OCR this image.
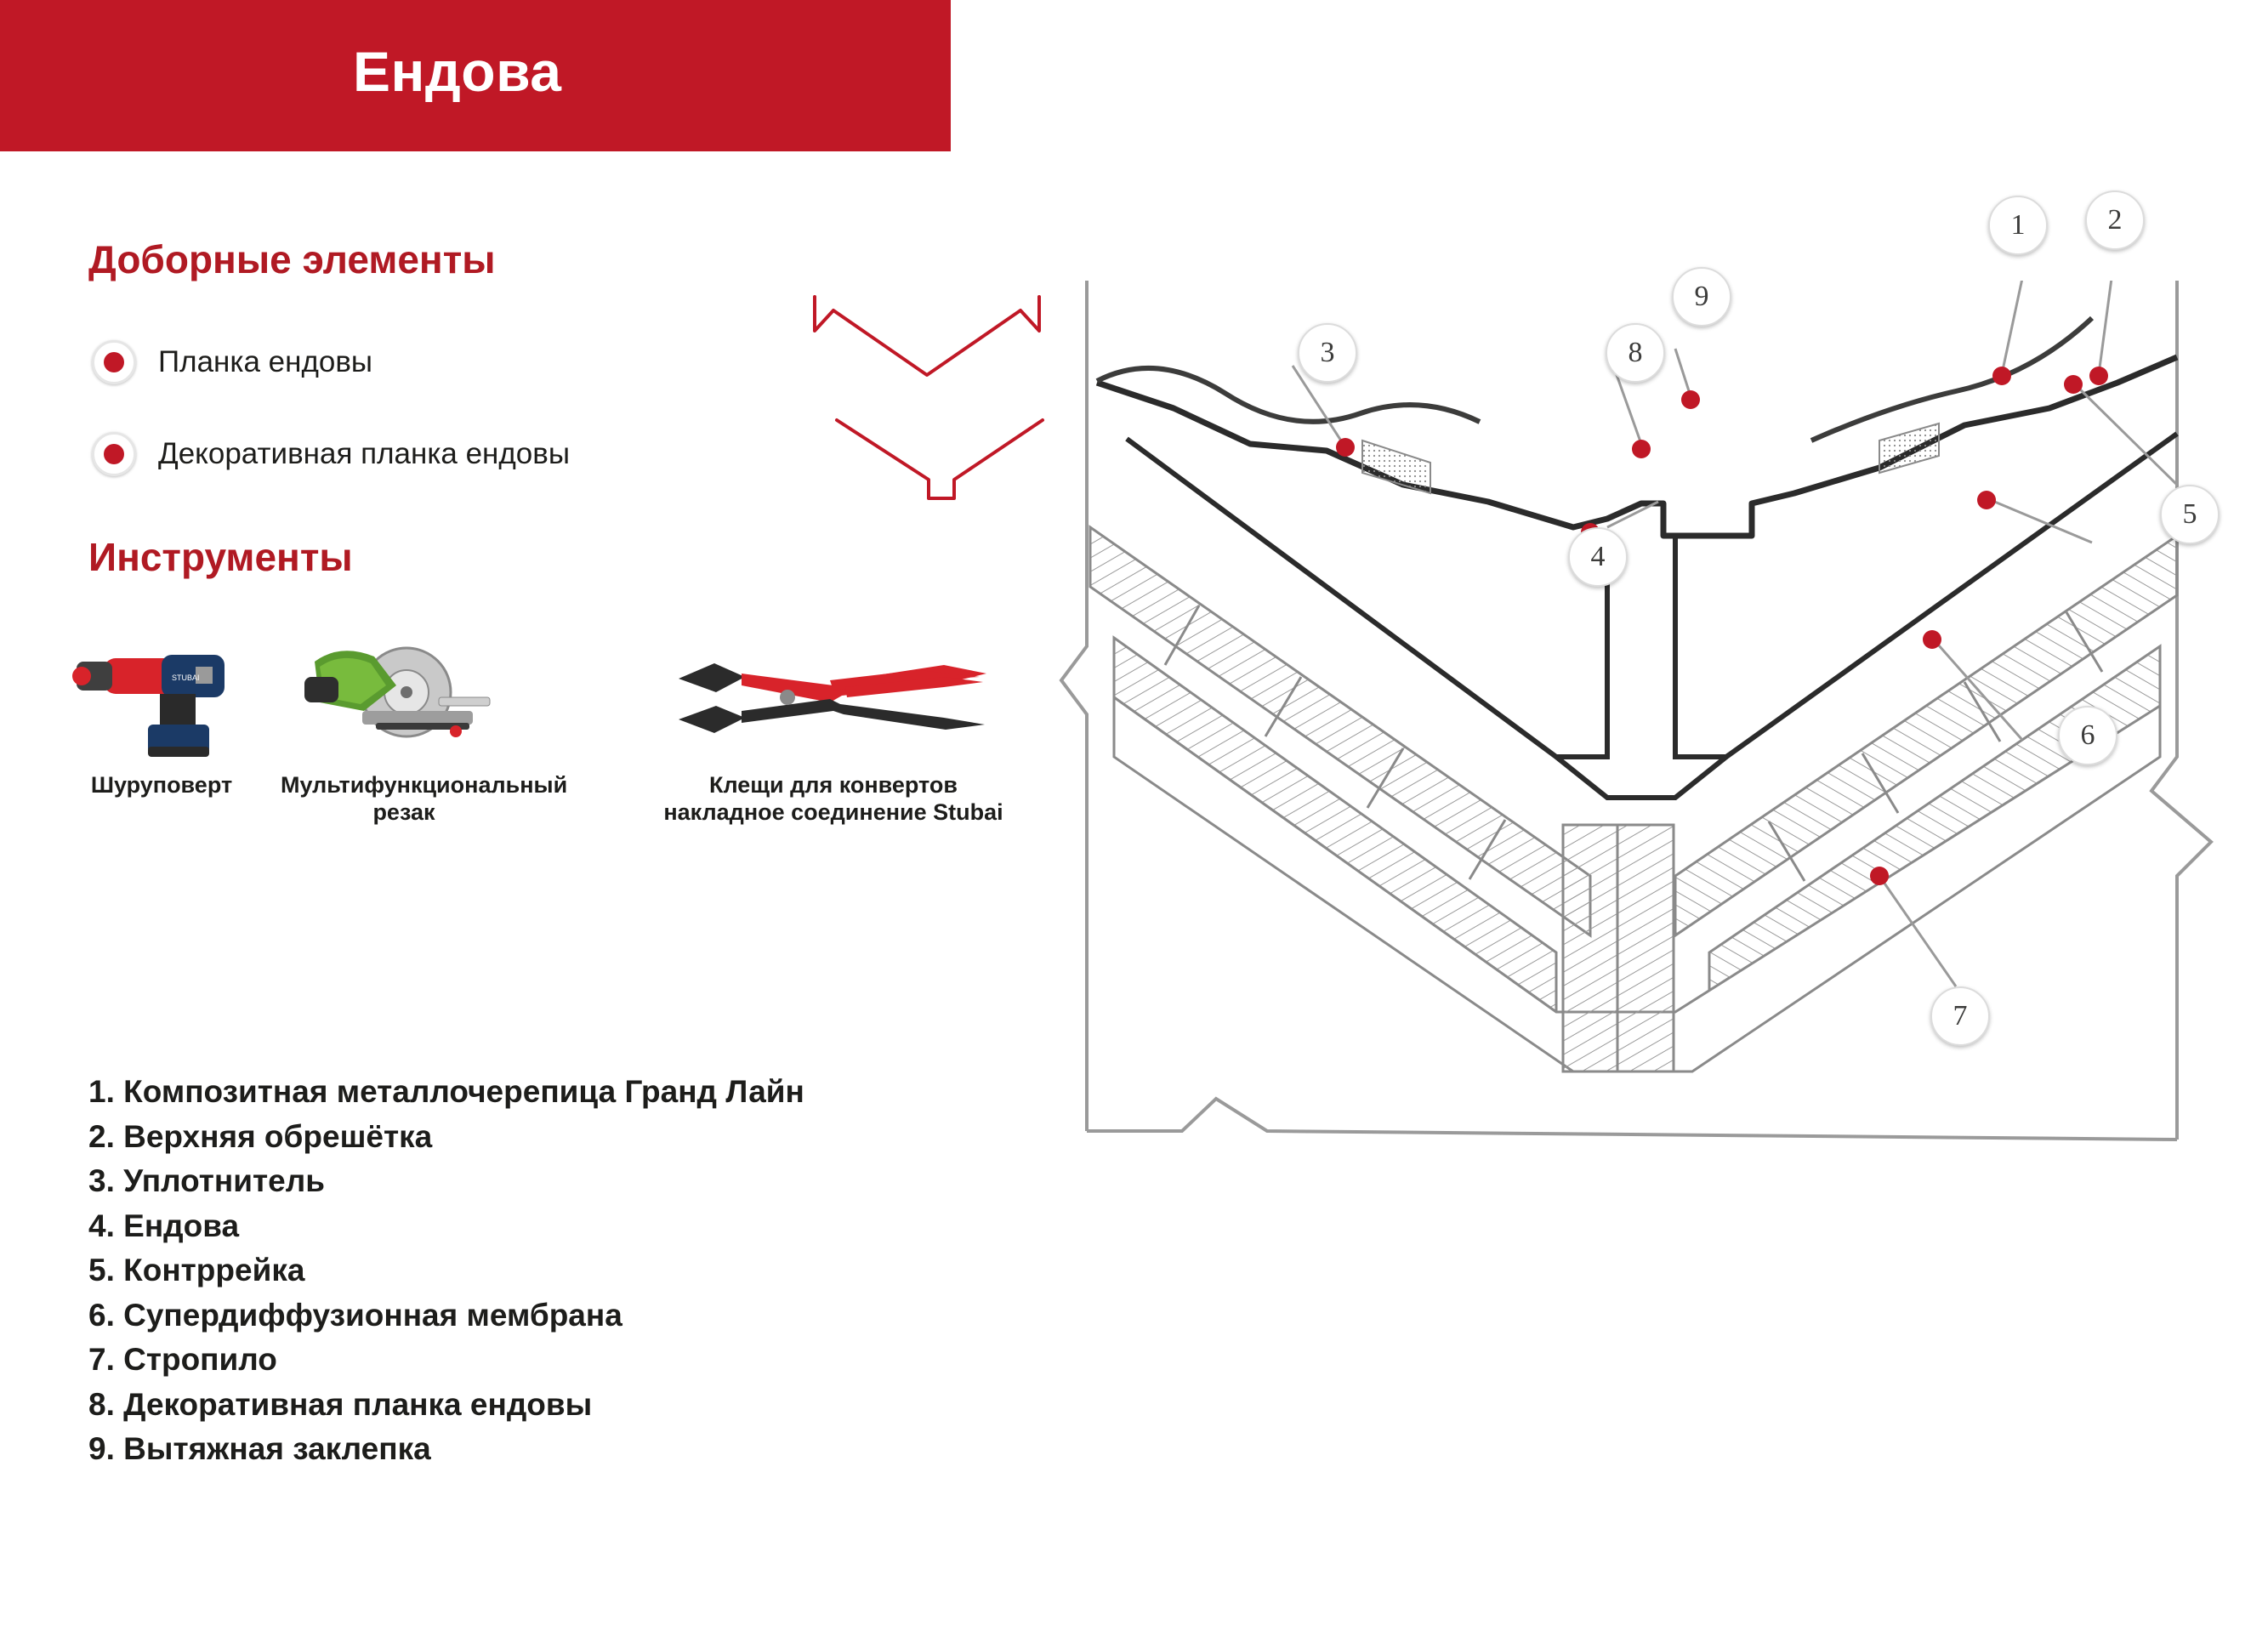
Ендова
Доборные элементы
Планка ендовы
Декоративная планка ендовы
Инструменты
STUBAI
Шуруповерт	Мультифункциональный резак
Клещи для конвертов накладное соединение Stubai
1. Композитная металлочерепица Гранд Лайн
2. Верхняя обрешётка
3. Уплотнитель
4. Ендова
5. Контррейка
6. Супердиффузионная мембрана
7. Стропило
8. Декоративная планка ендовы
9. Вытяжная заклепка
1	2
3
4
5
6
7
8
9
